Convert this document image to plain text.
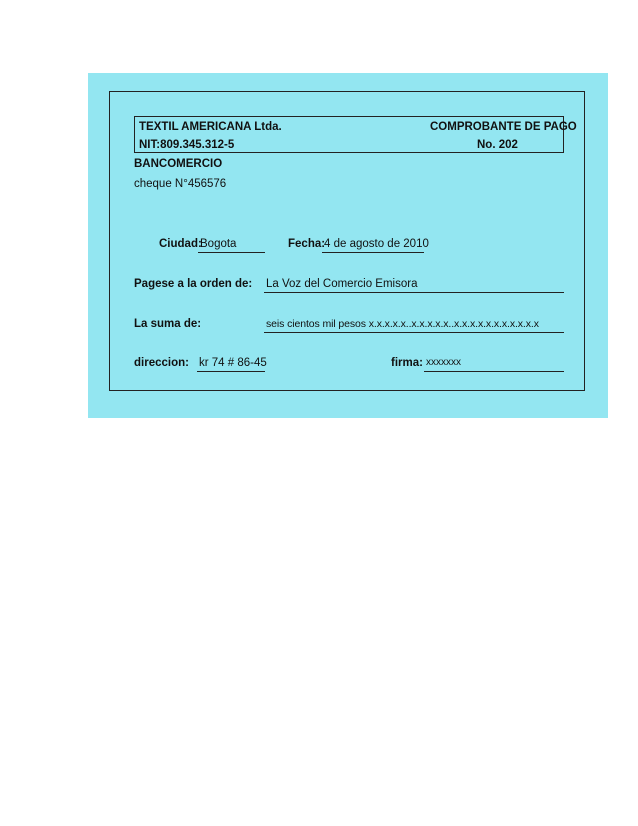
TEXTIL AMERICANA Ltda.
NIT:809.345.312-5
COMPROBANTE DE PAGO
No. 202
BANCOMERCIO
cheque N°456576
Ciudad:
Bogota	Fecha:
4 de agosto de 2010
Pagese a la orden de: La Voz del Comercio Emisora
La suma de:	seis cientos mil pesos x.x.x.x.x..x.x.x.x.x..x.x.x.x.x.x.x.x.x.x.x
direccion: kr 74 # 86-45	firma: xxxxxxx
